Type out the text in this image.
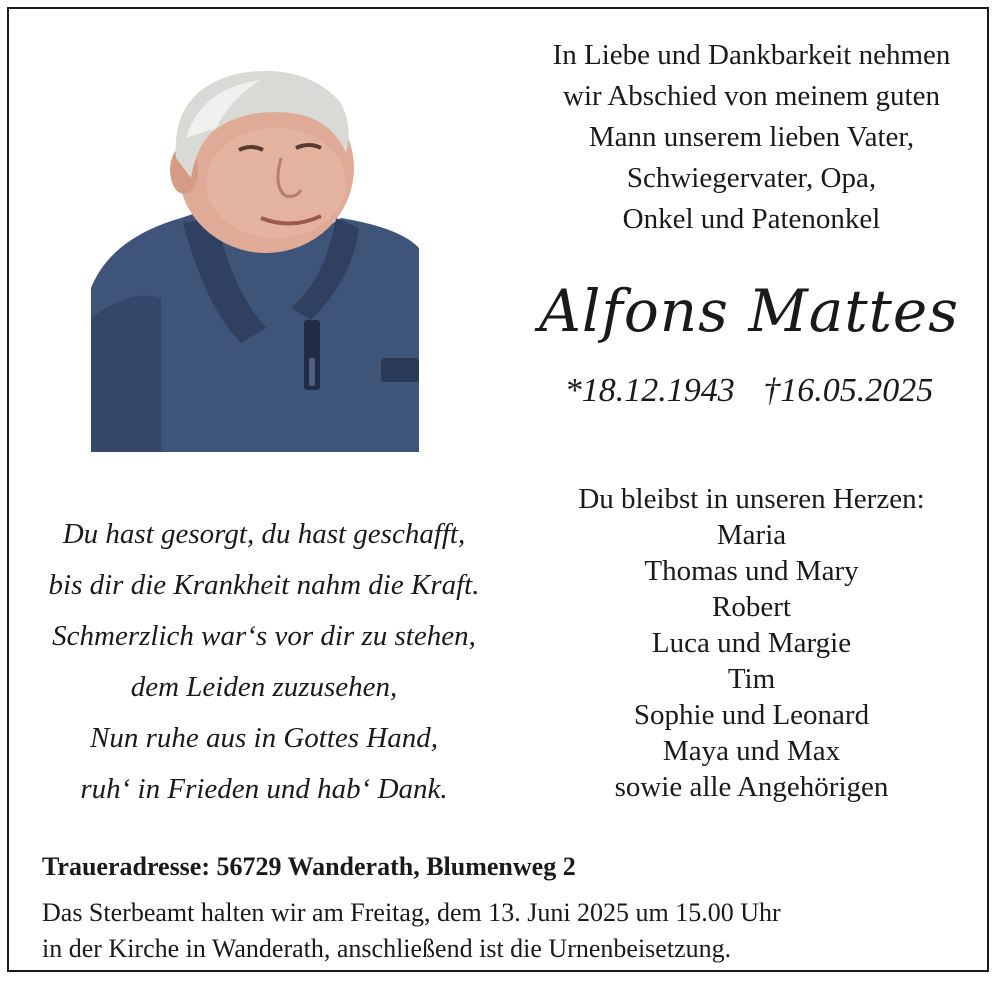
In Liebe und Dankbarkeit nehmen
wir Abschied von meinem guten
Mann unserem lieben Vater,
Schwiegervater, Opa,
Onkel und Patenonkel
Alfons Mattes
*18.12.1943 †16.05.2025
Du hast gesorgt, du hast geschafft,
bis dir die Krankheit nahm die Kraft.
Schmerzlich war‘s vor dir zu stehen,
dem Leiden zuzusehen,
Nun ruhe aus in Gottes Hand,
ruh‘ in Frieden und hab‘ Dank.
Du bleibst in unseren Herzen:
Maria
Thomas und Mary
Robert
Luca und Margie
Tim
Sophie und Leonard
Maya und Max
sowie alle Angehörigen
Traueradresse: 56729 Wanderath, Blumenweg 2
Das Sterbeamt halten wir am Freitag, dem 13. Juni 2025 um 15.00 Uhr
in der Kirche in Wanderath, anschließend ist die Urnenbeisetzung.
